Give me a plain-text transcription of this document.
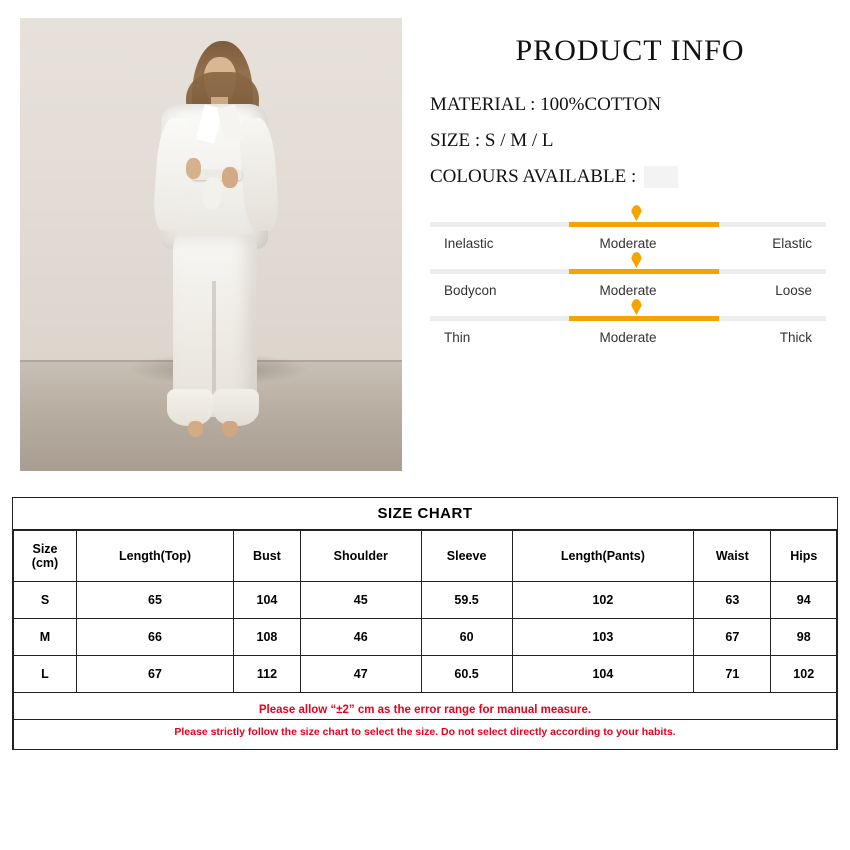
PRODUCT INFO
MATERIAL : 100%COTTON
SIZE : S / M / L
COLOURS AVAILABLE :
Inelastic	Moderate	Elastic
Bodycon	Moderate	Loose
Thin	Moderate	Thick
SIZE CHART
Size
(cm)	Length(Top)	Bust	Shoulder	Sleeve	Length(Pants)	Waist	Hips
S	65	104	45	59.5	102	63	94
M	66	108	46	60	103	67	98
L	67	112	47	60.5	104	71	102
Please allow “±2” cm as the error range for manual measure.							
Please strictly follow the size chart to select the size. Do not select directly according to your habits.							
